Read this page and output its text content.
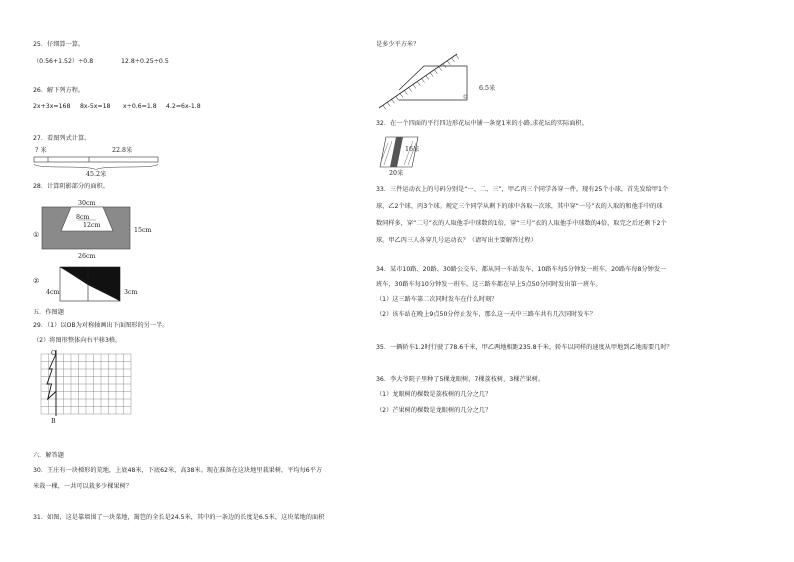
25．仔细算一算。
（0.56+1.52）÷0.8	12.8÷0.25÷0.5
26．解下列方程。
2x+3x=168 8x-5x=18 x÷0.6=1.8 4.2=6x-1.8
27．看图列式计算。
? 米	22.8米
45.2米
28．计算阴影部分的面积。
①
30cm
8cm
12cm
15cm
26cm
②
4cm	3cm
五．作图题
29．（1）以OB为对称轴画出下面图形的另一半。
（2）将图形整体向右平移3格。
O
B
六．解答题
30．王庄有一块梯形的荒地，上底48米，下底62米，高38米。现在准备在这块地里栽果树，平均每6平方
米栽一棵，一共可以栽多少棵果树？
31．如图，这是靠墙围了一块菜地，篱笆的全长是24.5米，其中的一条边的长度是6.5米，这块菜地的面积
是多少平方米？
6.5米
32．在一个四面的平行四边形花坛中铺一条宽1米的小路,求花坛的实际面积。
16米
20米
33．三件运动衣上的号码分别是“一、二、三”，甲乙丙三个同学各穿一件。现有25个小球，首先发给甲1个
球，乙2个球，丙3个球。规定三个同学从剩下的球中各取一次球，其中穿“一号”衣的人取的和他手中的球
数同样多，穿“二号”衣的人取他手中球数的1倍，穿“三号”衣的人取他手中球数的4倍，取完之后还剩下2个
球。甲乙丙三人各穿几号运动衣？（请写出主要解答过程）
34．某市10路、20路、30路公交车，都从同一车站发车，10路车每5分钟发一班车，20路车每8分钟发一
班车，30路车每10分钟发一班车。这三路车都在早上5点50分同时发出第一班车。
（1）这三路车第二次同时发车在什么时刻？
（2）该车站在晚上9点50分停止发车，那么这一天中三路车共有几次同时发车？
35．一辆轿车1.2时行驶了78.6千米，甲乙两地相距235.8千米，轿车以同样的速度从甲地到乙地需要几时？
36．李大爷院子里种了5棵龙眼树，7棵荔枝树，3棵芒果树。
（1）龙眼树的棵数是荔枝树的几分之几？
（2）芒果树的棵数是龙眼树的几分之几？
